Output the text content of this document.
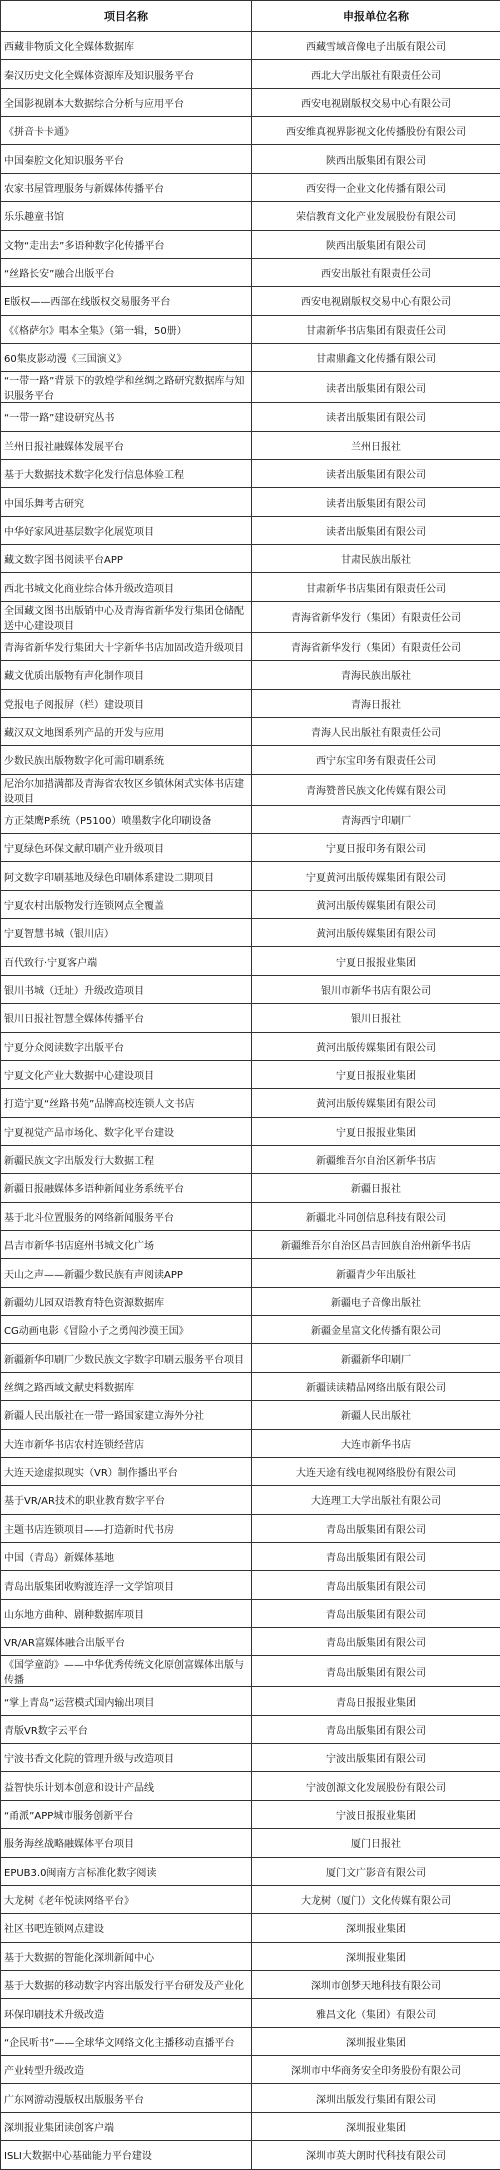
项目名称	申报单位名称
西藏非物质文化全媒体数据库	西藏雪域音像电子出版有限公司
秦汉历史文化全媒体资源库及知识服务平台	西北大学出版社有限责任公司
全国影视剧本大数据综合分析与应用平台	西安电视剧版权交易中心有限公司
《拼音卡卡通》	西安维真视界影视文化传播股份有限公司
中国秦腔文化知识服务平台	陕西出版集团有限公司
农家书屋管理服务与新媒体传播平台	西安得一企业文化传播有限公司
乐乐趣童书馆	荣信教育文化产业发展股份有限公司
文物“走出去”多语种数字化传播平台	陕西出版集团有限公司
“丝路长安”融合出版平台	西安出版社有限责任公司
E版权——西部在线版权交易服务平台	西安电视剧版权交易中心有限公司
《《格萨尔》唱本全集》（第一辑，50册）	甘肃新华书店集团有限责任公司
60集皮影动漫《三国演义》	甘肃鼎鑫文化传播有限公司
“一带一路”背景下的敦煌学和丝绸之路研究数据库与知识服务平台	读者出版集团有限公司
“一带一路”建设研究丛书	读者出版集团有限公司
兰州日报社融媒体发展平台	兰州日报社
基于大数据技术数字化发行信息体验工程	读者出版集团有限公司
中国乐舞考古研究	读者出版集团有限公司
中华好家风进基层数字化展览项目	读者出版集团有限公司
藏文数字图书阅读平台APP	甘肃民族出版社
西北书城文化商业综合体升级改造项目	甘肃新华书店集团有限责任公司
全国藏文图书出版销中心及青海省新华发行集团仓储配送中心建设项目	青海省新华发行（集团）有限责任公司
青海省新华发行集团大十字新华书店加固改造升级项目	青海省新华发行（集团）有限责任公司
藏文优质出版物有声化制作项目	青海民族出版社
党报电子阅报屏（栏）建设项目	青海日报社
藏汉双文地图系列产品的开发与应用	青海人民出版社有限责任公司
少数民族出版物数字化可需印刷系统	西宁东宝印务有限责任公司
尼治尔加措满都及青海省农牧区乡镇休闲式实体书店建设项目	青海赞普民族文化传媒有限公司
方正桀鹰P系统（P5100）喷墨数字化印刷设备	青海西宁印刷厂
宁夏绿色环保文献印刷产业升级项目	宁夏日报印务有限公司
阿文数字印刷基地及绿色印刷体系建设二期项目	宁夏黄河出版传媒集团有限公司
宁夏农村出版物发行连锁网点全覆盖	黄河出版传媒集团有限公司
宁夏智慧书城（银川店）	黄河出版传媒集团有限公司
百代致行·宁夏客户端	宁夏日报报业集团
银川书城（迁址）升级改造项目	银川市新华书店有限公司
银川日报社智慧全媒体传播平台	银川日报社
宁夏分众阅读数字出版平台	黄河出版传媒集团有限公司
宁夏文化产业大数据中心建设项目	宁夏日报报业集团
打造宁夏“丝路书苑”品牌高校连锁人文书店	黄河出版传媒集团有限公司
宁夏视觉产品市场化、数字化平台建设	宁夏日报报业集团
新疆民族文字出版发行大数据工程	新疆维吾尔自治区新华书店
新疆日报融媒体多语种新闻业务系统平台	新疆日报社
基于北斗位置服务的网络新闻服务平台	新疆北斗同创信息科技有限公司
昌吉市新华书店庭州书城文化广场	新疆维吾尔自治区昌吉回族自治州新华书店
天山之声——新疆少数民族有声阅读APP	新疆青少年出版社
新疆幼儿园双语教育特色资源数据库	新疆电子音像出版社
CG动画电影《冒险小子之勇闯沙漠王国》	新疆金星富文化传播有限公司
新疆新华印刷厂少数民族文字数字印刷云服务平台项目	新疆新华印刷厂
丝绸之路西域文献史料数据库	新疆读读精品网络出版有限公司
新疆人民出版社在一带一路国家建立海外分社	新疆人民出版社
大连市新华书店农村连锁经营店	大连市新华书店
大连天途虚拟现实（VR）制作播出平台	大连天途有线电视网络股份有限公司
基于VR/AR技术的职业教育数字平台	大连理工大学出版社有限公司
主题书店连锁项目——打造新时代书房	青岛出版集团有限公司
中国（青岛）新媒体基地	青岛出版集团有限公司
青岛出版集团收购渡连浮一文学馆项目	青岛出版集团有限公司
山东地方曲种、剧种数据库项目	青岛出版集团有限公司
VR/AR富媒体融合出版平台	青岛出版集团有限公司
《国学童韵》——中华优秀传统文化原创富媒体出版与传播	青岛出版集团有限公司
“掌上青岛”运营模式国内输出项目	青岛日报报业集团
青版VR数字云平台	青岛出版集团有限公司
宁波书香文化院的管理升级与改造项目	宁波出版集团有限公司
益智快乐计划本创意和设计产品线	宁波创源文化发展股份有限公司
“甬派”APP城市服务创新平台	宁波日报报业集团
服务海丝战略融媒体平台项目	厦门日报社
EPUB3.0闽南方言标准化数字阅读	厦门文广影音有限公司
大龙树《老年悦读网络平台》	大龙树（厦门）文化传媒有限公司
社区书吧连锁网点建设	深圳报业集团
基于大数据的智能化深圳新闻中心	深圳报业集团
基于大数据的移动数字内容出版发行平台研发及产业化	深圳市创梦天地科技有限公司
环保印刷技术升级改造	雅昌文化（集团）有限公司
“企民听书”——全球华文网络文化主播移动直播平台	深圳报业集团
产业转型升级改造	深圳市中华商务安全印务股份有限公司
广东网游动漫版权出版服务平台	深圳出版发行集团有限公司
深圳报业集团读创客户端	深圳报业集团
ISLI大数据中心基础能力平台建设	深圳市英大朗时代科技有限公司
